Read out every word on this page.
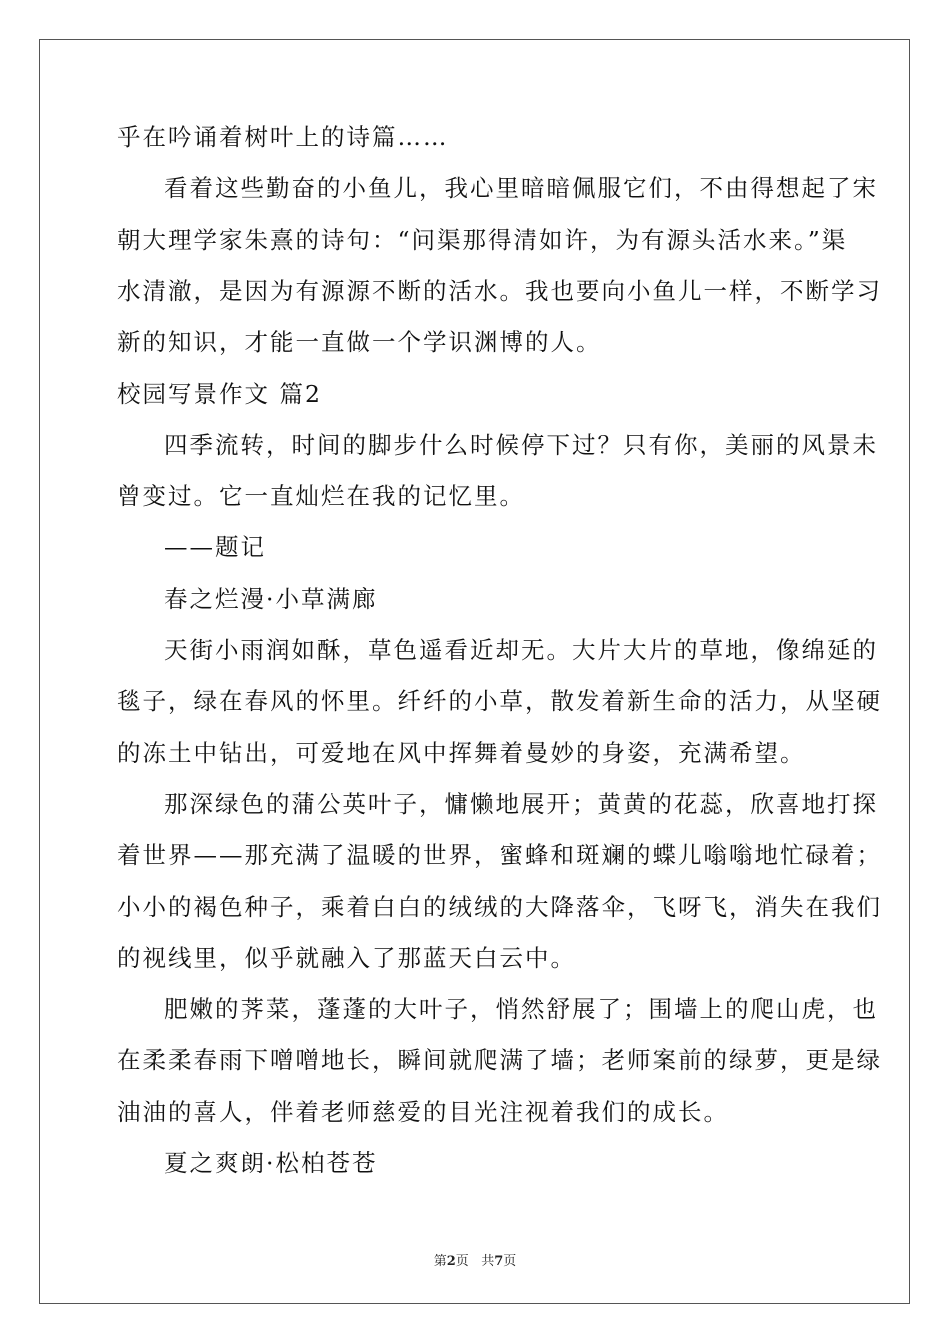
乎在吟诵着树叶上的诗篇……
看着这些勤奋的小鱼儿，我心里暗暗佩服它们，不由得想起了宋
朝大理学家朱熹的诗句：“问渠那得清如许，为有源头活水来。”渠
水清澈，是因为有源源不断的活水。我也要向小鱼儿一样，不断学习
新的知识，才能一直做一个学识渊博的人。
校园写景作文 篇2
四季流转，时间的脚步什么时候停下过？只有你，美丽的风景未
曾变过。它一直灿烂在我的记忆里。
——题记
春之烂漫·小草满廊
天街小雨润如酥，草色遥看近却无。大片大片的草地，像绵延的
毯子，绿在春风的怀里。纤纤的小草，散发着新生命的活力，从坚硬
的冻土中钻出，可爱地在风中挥舞着曼妙的身姿，充满希望。
那深绿色的蒲公英叶子，慵懒地展开；黄黄的花蕊，欣喜地打探
着世界——那充满了温暖的世界，蜜蜂和斑斓的蝶儿嗡嗡地忙碌着；
小小的褐色种子，乘着白白的绒绒的大降落伞，飞呀飞，消失在我们
的视线里，似乎就融入了那蓝天白云中。
肥嫩的荠菜，蓬蓬的大叶子，悄然舒展了；围墙上的爬山虎，也
在柔柔春雨下噌噌地长，瞬间就爬满了墙；老师案前的绿萝，更是绿
油油的喜人，伴着老师慈爱的目光注视着我们的成长。
夏之爽朗·松柏苍苍
第2页 共7页
